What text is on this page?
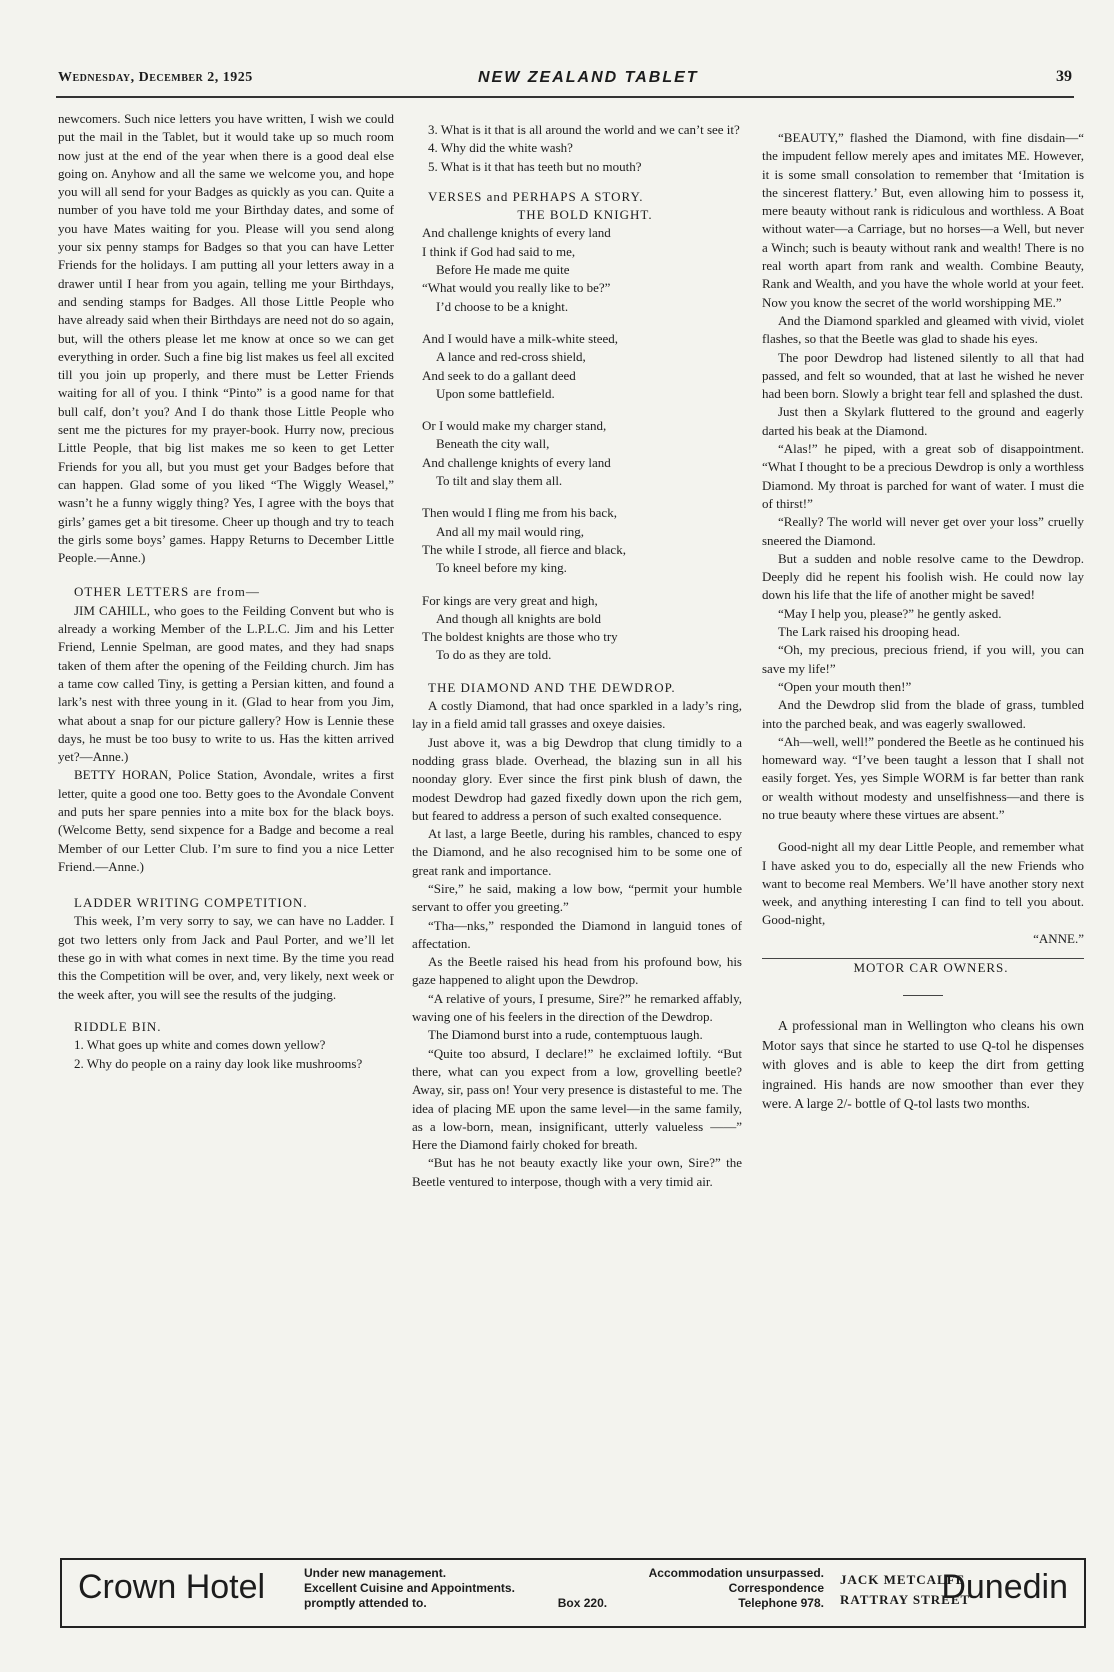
Wednesday, December 2, 1925	NEW ZEALAND TABLET	39

newcomers. Such nice letters you have written, I wish we could put the mail in the Tablet, but it would take up so much room now just at the end of the year when there is a good deal else going on. Anyhow and all the same we welcome you, and hope you will all send for your Badges as quickly as you can. Quite a number of you have told me your Birthday dates, and some of you have Mates waiting for you. Please will you send along your six penny stamps for Badges so that you can have Letter Friends for the holidays. I am putting all your letters away in a drawer until I hear from you again, telling me your Birthdays, and sending stamps for Badges. All those Little People who have already said when their Birthdays are need not do so again, but, will the others please let me know at once so we can get everything in order. Such a fine big list makes us feel all excited till you join up properly, and there must be Letter Friends waiting for all of you. I think “Pinto” is a good name for that bull calf, don’t you? And I do thank those Little People who sent me the pictures for my prayer-book. Hurry now, precious Little People, that big list makes me so keen to get Letter Friends for you all, but you must get your Badges before that can happen. Glad some of you liked “The Wiggly Weasel,” wasn’t he a funny wiggly thing? Yes, I agree with the boys that girls’ games get a bit tiresome. Cheer up though and try to teach the girls some boys’ games. Happy Returns to December Little People.—Anne.)

OTHER LETTERS are from—

JIM CAHILL, who goes to the Feilding Convent but who is already a working Member of the L.P.L.C. Jim and his Letter Friend, Lennie Spelman, are good mates, and they had snaps taken of them after the opening of the Feilding church. Jim has a tame cow called Tiny, is getting a Persian kitten, and found a lark’s nest with three young in it. (Glad to hear from you Jim, what about a snap for our picture gallery? How is Lennie these days, he must be too busy to write to us. Has the kitten arrived yet?—Anne.)

BETTY HORAN, Police Station, Avondale, writes a first letter, quite a good one too. Betty goes to the Avondale Convent and puts her spare pennies into a mite box for the black boys. (Welcome Betty, send sixpence for a Badge and become a real Member of our Letter Club. I’m sure to find you a nice Letter Friend.—Anne.)

LADDER WRITING COMPETITION.

This week, I’m very sorry to say, we can have no Ladder. I got two letters only from Jack and Paul Porter, and we’ll let these go in with what comes in next time. By the time you read this the Competition will be over, and, very likely, next week or the week after, you will see the results of the judging.

RIDDLE BIN.

1. What goes up white and comes down yellow?

2. Why do people on a rainy day look like mushrooms?

3. What is it that is all around the world and we can’t see it?

4. Why did the white wash?

5. What is it that has teeth but no mouth?

VERSES and PERHAPS A STORY.

THE BOLD KNIGHT.

And challenge knights of every land
I think if God had said to me,
Before He made me quite
“What would you really like to be?”
I’d choose to be a knight.
And I would have a milk-white steed,
A lance and red-cross shield,
And seek to do a gallant deed
Upon some battlefield.
Or I would make my charger stand,
Beneath the city wall,
And challenge knights of every land
To tilt and slay them all.
Then would I fling me from his back,
And all my mail would ring,
The while I strode, all fierce and black,
To kneel before my king.
For kings are very great and high,
And though all knights are bold
The boldest knights are those who try
To do as they are told.

THE DIAMOND AND THE DEWDROP.

A costly Diamond, that had once sparkled in a lady’s ring, lay in a field amid tall grasses and oxeye daisies.

Just above it, was a big Dewdrop that clung timidly to a nodding grass blade. Overhead, the blazing sun in all his noonday glory. Ever since the first pink blush of dawn, the modest Dewdrop had gazed fixedly down upon the rich gem, but feared to address a person of such exalted consequence.

At last, a large Beetle, during his rambles, chanced to espy the Diamond, and he also recognised him to be some one of great rank and importance.

“Sire,” he said, making a low bow, “permit your humble servant to offer you greeting.”

“Tha—nks,” responded the Diamond in languid tones of affectation.

As the Beetle raised his head from his profound bow, his gaze happened to alight upon the Dewdrop.

“A relative of yours, I presume, Sire?” he remarked affably, waving one of his feelers in the direction of the Dewdrop.

The Diamond burst into a rude, contemptuous laugh.

“Quite too absurd, I declare!” he exclaimed loftily. “But there, what can you expect from a low, grovelling beetle? Away, sir, pass on! Your very presence is distasteful to me. The idea of placing ME upon the same level—in the same family, as a low-born, mean, insignificant, utterly valueless ——” Here the Diamond fairly choked for breath.

“But has he not beauty exactly like your own, Sire?” the Beetle ventured to interpose, though with a very timid air.

“BEAUTY,” flashed the Diamond, with fine disdain—“ the impudent fellow merely apes and imitates ME. However, it is some small consolation to remember that ‘Imitation is the sincerest flattery.’ But, even allowing him to possess it, mere beauty without rank is ridiculous and worthless. A Boat without water—a Carriage, but no horses—a Well, but never a Winch; such is beauty without rank and wealth! There is no real worth apart from rank and wealth. Combine Beauty, Rank and Wealth, and you have the whole world at your feet. Now you know the secret of the world worshipping ME.”

And the Diamond sparkled and gleamed with vivid, violet flashes, so that the Beetle was glad to shade his eyes.

The poor Dewdrop had listened silently to all that had passed, and felt so wounded, that at last he wished he never had been born. Slowly a bright tear fell and splashed the dust.

Just then a Skylark fluttered to the ground and eagerly darted his beak at the Diamond.

“Alas!” he piped, with a great sob of disappointment. “What I thought to be a precious Dewdrop is only a worthless Diamond. My throat is parched for want of water. I must die of thirst!”

“Really? The world will never get over your loss” cruelly sneered the Diamond.

But a sudden and noble resolve came to the Dewdrop. Deeply did he repent his foolish wish. He could now lay down his life that the life of another might be saved!

“May I help you, please?” he gently asked.

The Lark raised his drooping head.

“Oh, my precious, precious friend, if you will, you can save my life!”

“Open your mouth then!”

And the Dewdrop slid from the blade of grass, tumbled into the parched beak, and was eagerly swallowed.

“Ah—well, well!” pondered the Beetle as he continued his homeward way. “I’ve been taught a lesson that I shall not easily forget. Yes, yes Simple WORM is far better than rank or wealth without modesty and unselfishness—and there is no true beauty where these virtues are absent.”

Good-night all my dear Little People, and remember what I have asked you to do, especially all the new Friends who want to become real Members. We’ll have another story next week, and anything interesting I can find to tell you about. Good-night,

“ANNE.”

MOTOR CAR OWNERS.

A professional man in Wellington who cleans his own Motor says that since he started to use Q-tol he dispenses with gloves and is able to keep the dirt from getting ingrained. His hands are now smoother than ever they were. A large 2/- bottle of Q-tol lasts two months.

Crown Hotel	Under new management.	Accommodation unsurpassed.
Excellent Cuisine and Appointments.	Correspondence
promptly attended to.	Box 220.	Telephone 978.
JACK METCALFE
RATTRAY STREET
Dunedin
